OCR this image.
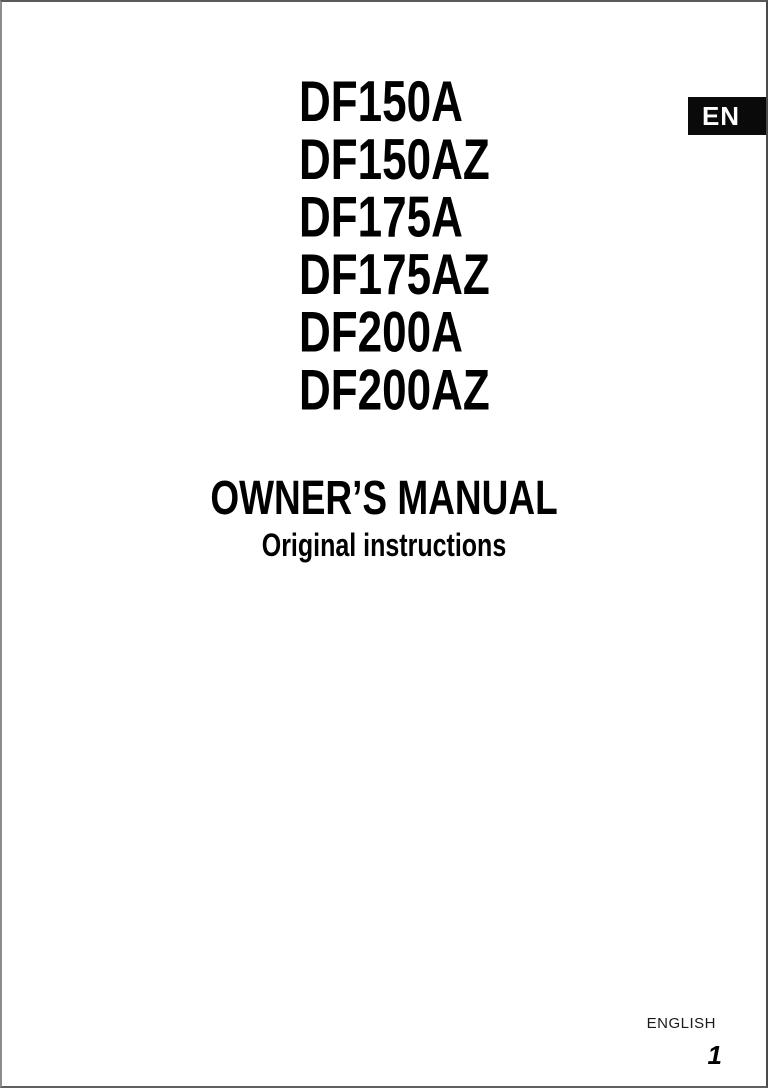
EN
DF150A
DF150AZ
DF175A
DF175AZ
DF200A
DF200AZ
OWNER’S MANUAL
Original instructions
ENGLISH
1
